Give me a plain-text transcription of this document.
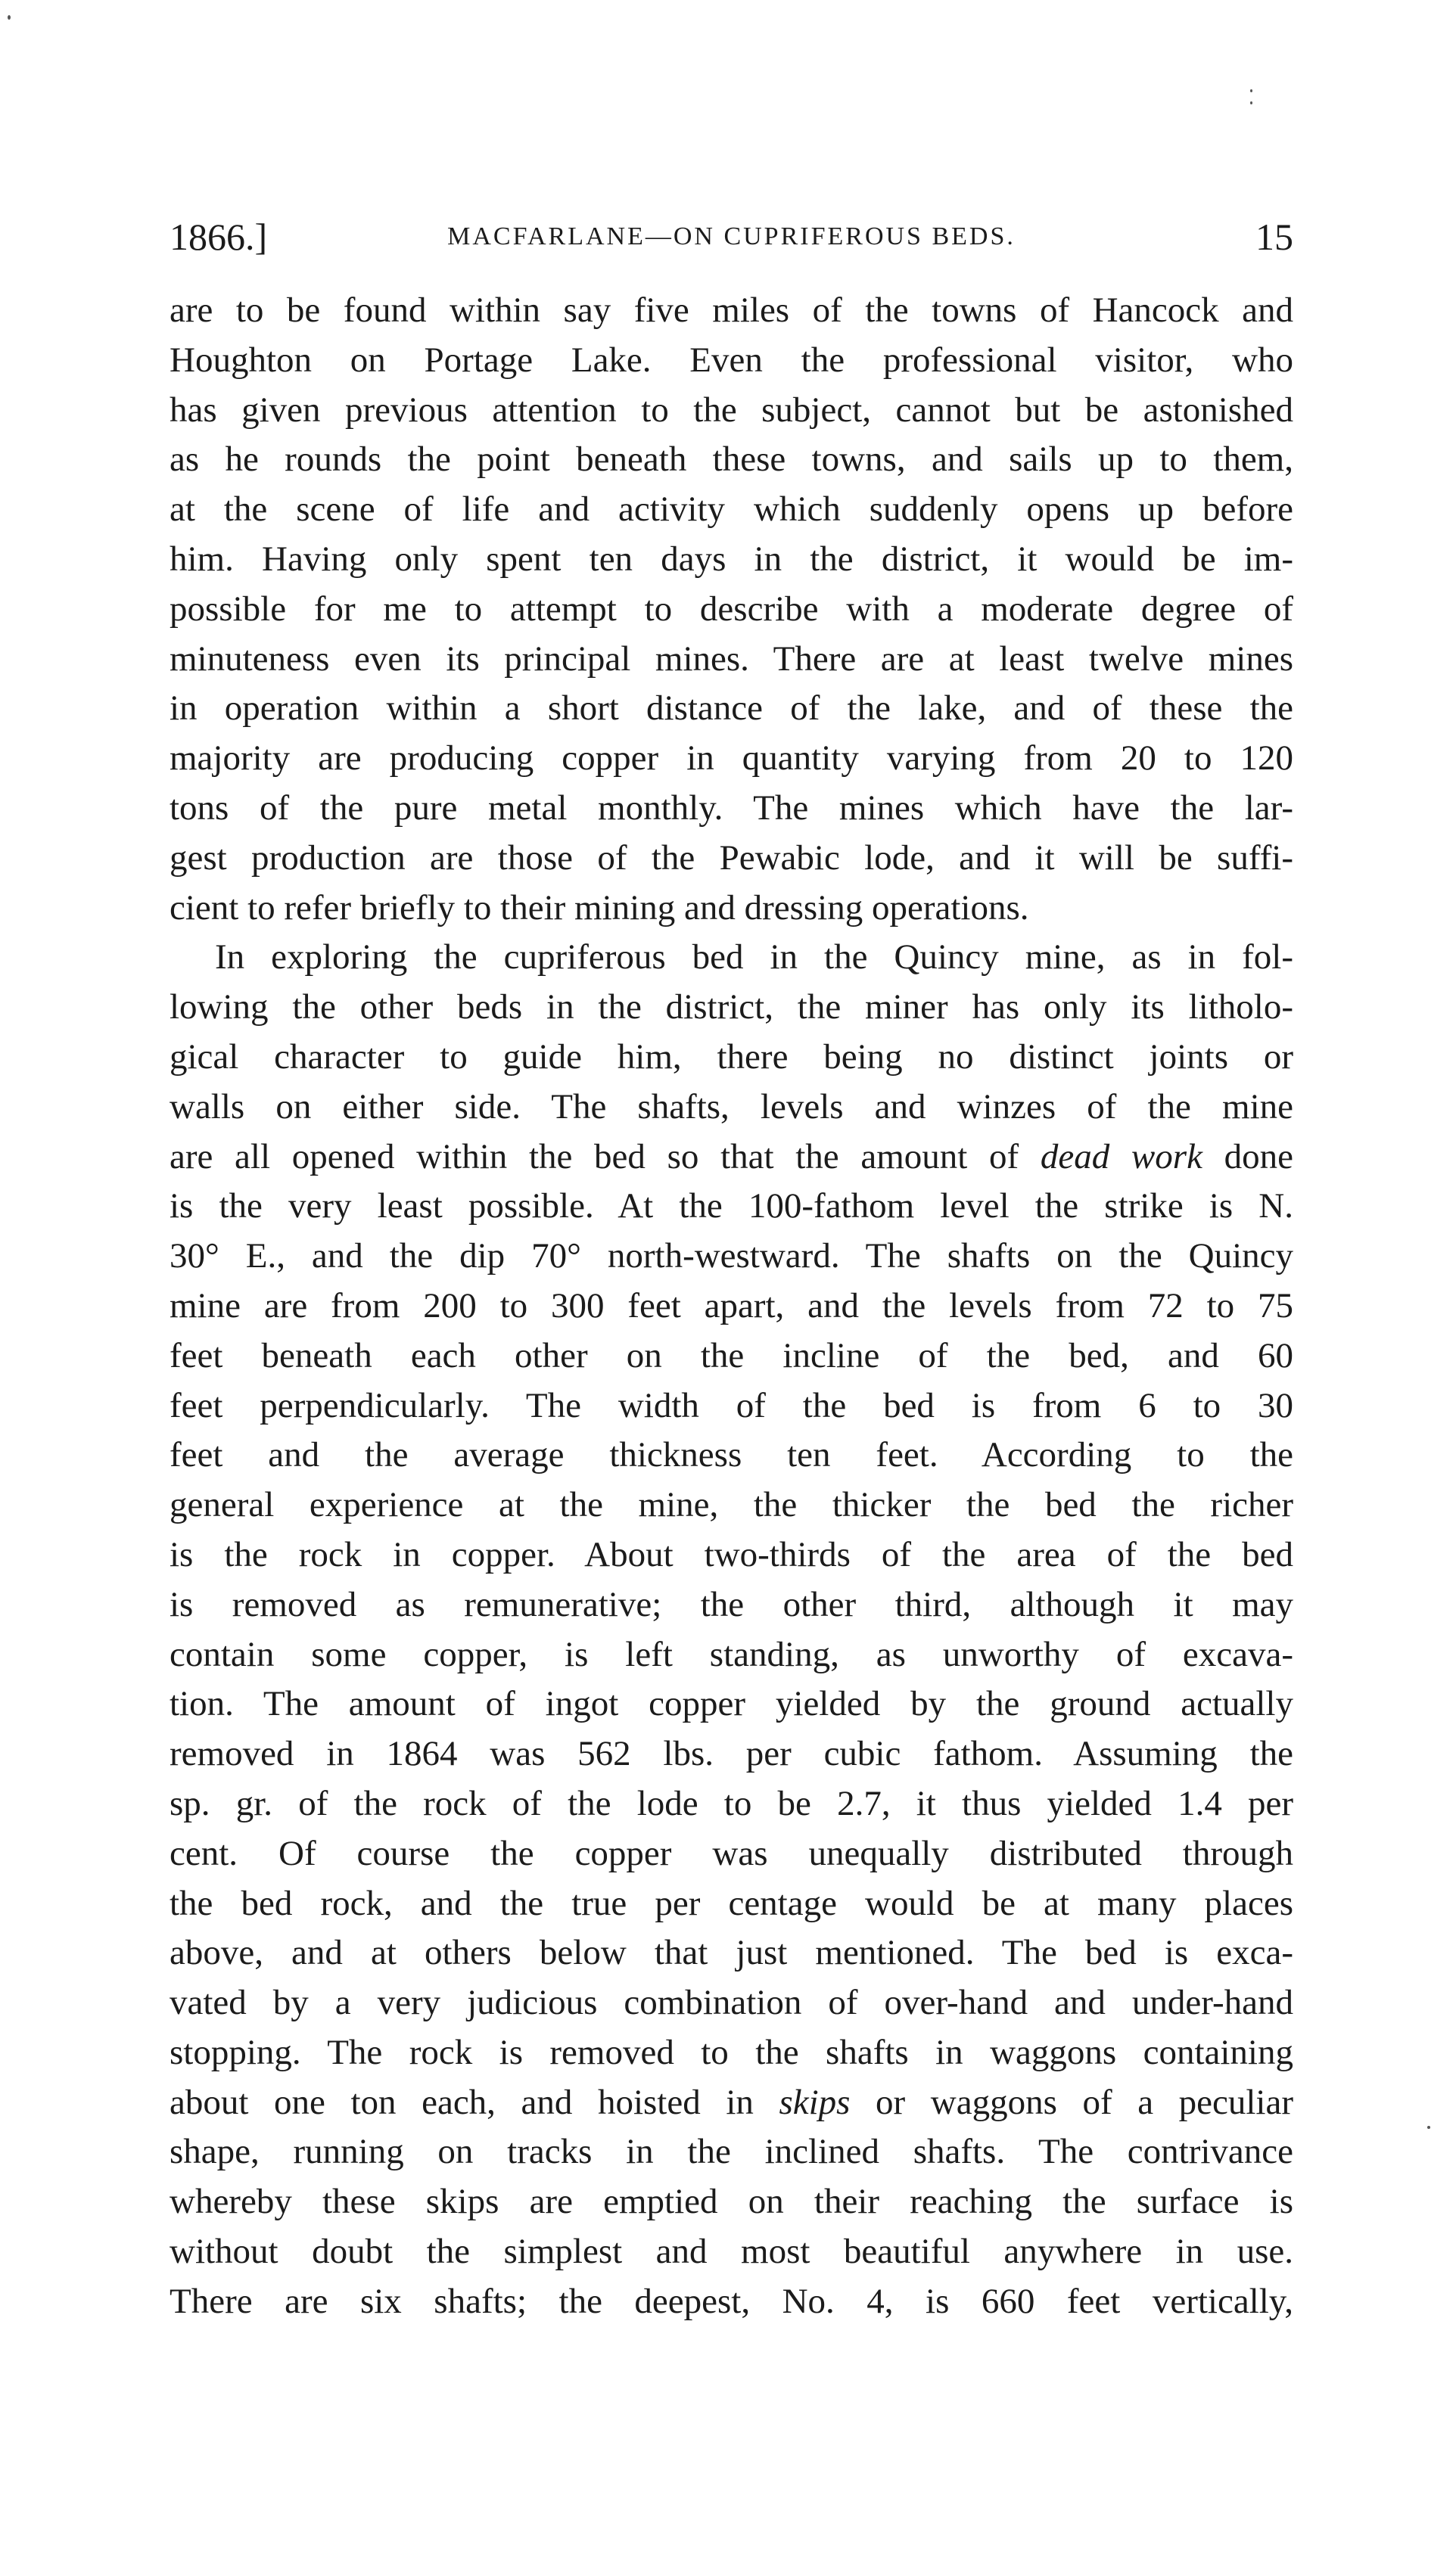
1866.]	MACFARLANE—ON CUPRIFEROUS BEDS.	15
are to be found within say five miles of the towns of Hancock and
Houghton on Portage Lake. Even the professional visitor, who
has given previous attention to the subject, cannot but be astonished
as he rounds the point beneath these towns, and sails up to them,
at the scene of life and activity which suddenly opens up before
him. Having only spent ten days in the district, it would be im-
possible for me to attempt to describe with a moderate degree of
minuteness even its principal mines. There are at least twelve mines
in operation within a short distance of the lake, and of these the
majority are producing copper in quantity varying from 20 to 120
tons of the pure metal monthly. The mines which have the lar-
gest production are those of the Pewabic lode, and it will be suffi-
cient to refer briefly to their mining and dressing operations.
In exploring the cupriferous bed in the Quincy mine, as in fol-
lowing the other beds in the district, the miner has only its litholo-
gical character to guide him, there being no distinct joints or
walls on either side. The shafts, levels and winzes of the mine
are all opened within the bed so that the amount of dead work done
is the very least possible. At the 100-fathom level the strike is N.
30° E., and the dip 70° north-westward. The shafts on the Quincy
mine are from 200 to 300 feet apart, and the levels from 72 to 75
feet beneath each other on the incline of the bed, and 60
feet perpendicularly. The width of the bed is from 6 to 30
feet and the average thickness ten feet. According to the
general experience at the mine, the thicker the bed the richer
is the rock in copper. About two-thirds of the area of the bed
is removed as remunerative; the other third, although it may
contain some copper, is left standing, as unworthy of excava-
tion. The amount of ingot copper yielded by the ground actually
removed in 1864 was 562 lbs. per cubic fathom. Assuming the
sp. gr. of the rock of the lode to be 2.7, it thus yielded 1.4 per
cent. Of course the copper was unequally distributed through
the bed rock, and the true per centage would be at many places
above, and at others below that just mentioned. The bed is exca-
vated by a very judicious combination of over-hand and under-hand
stopping. The rock is removed to the shafts in waggons containing
about one ton each, and hoisted in skips or waggons of a peculiar
shape, running on tracks in the inclined shafts. The contrivance
whereby these skips are emptied on their reaching the surface is
without doubt the simplest and most beautiful anywhere in use.
There are six shafts; the deepest, No. 4, is 660 feet vertically,
